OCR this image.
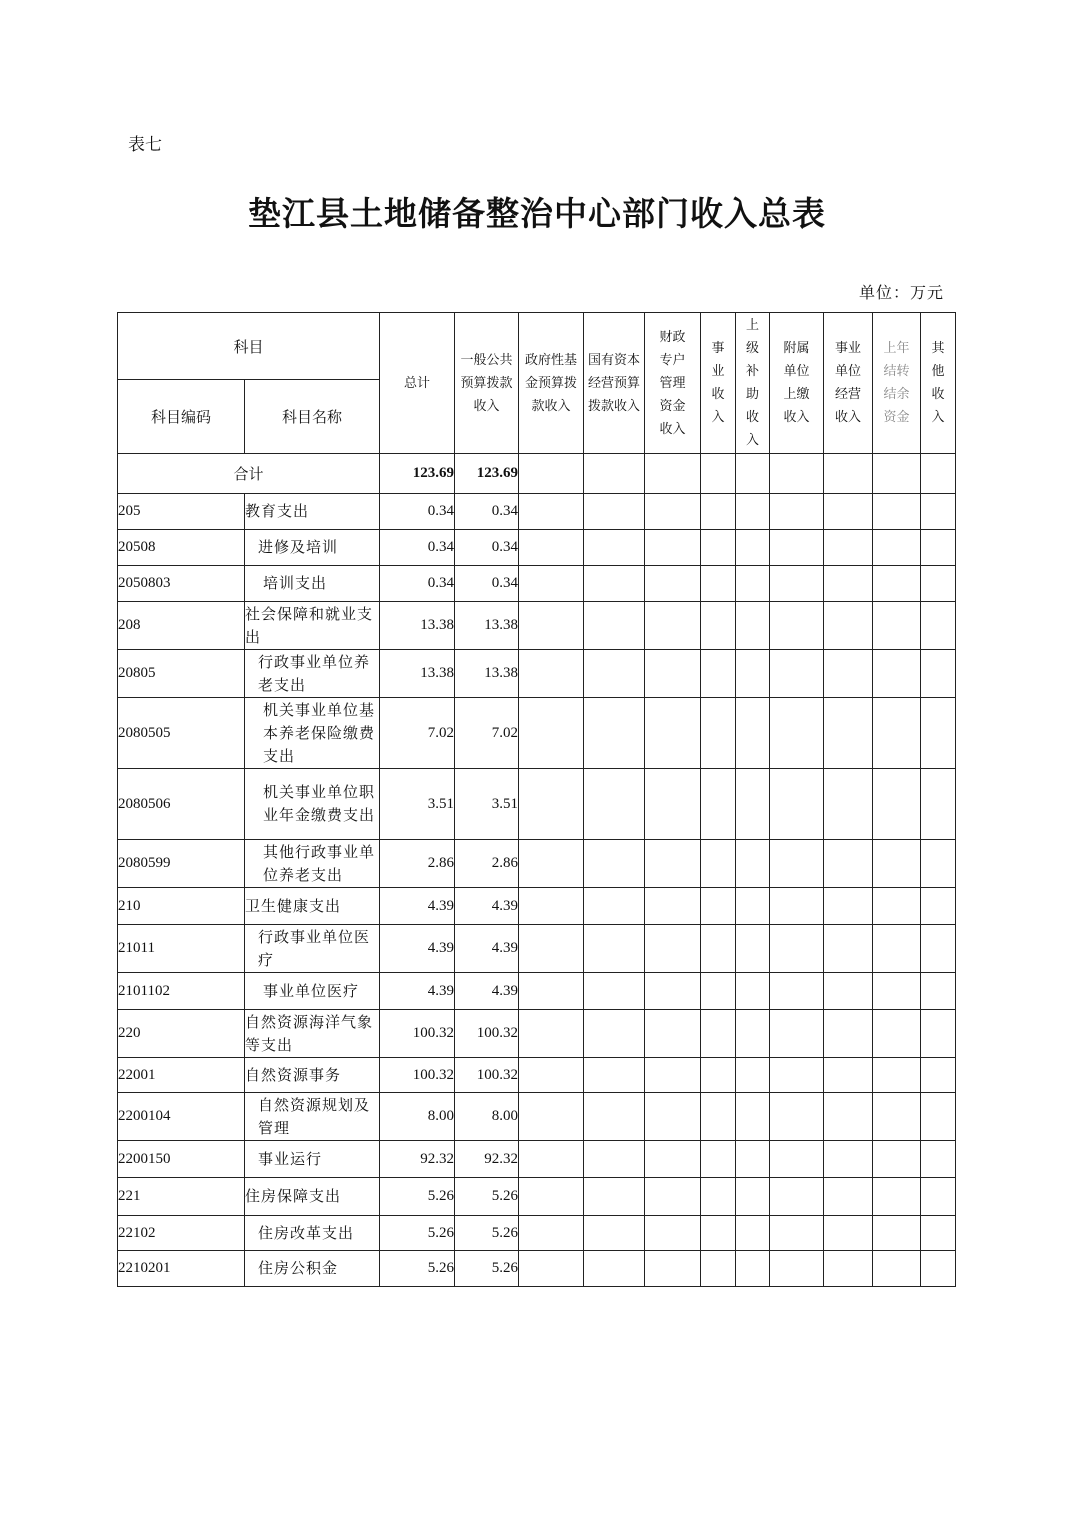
表七
垫江县土地储备整治中心部门收入总表
单位：万元
科目		总计	一般公共预算拨款收入	政府性基金预算拨款收入	国有资本经营预算拨款收入	财政专户管理资金收入	事业收入	上级补助收入	附属单位上缴收入	事业单位经营收入	上年结转结余资金	其他收入

科目编码	科目名称											
合计		123.69	123.69									
205	教育支出	0.34	0.34									
20508	进修及培训	0.34	0.34									
2050803	培训支出	0.34	0.34									
208	社会保障和就业支出	13.38	13.38									
20805	行政事业单位养老支出	13.38	13.38									
2080505	机关事业单位基本养老保险缴费支出	7.02	7.02									
2080506	机关事业单位职业年金缴费支出	3.51	3.51									
2080599	其他行政事业单位养老支出	2.86	2.86									
210	卫生健康支出	4.39	4.39									
21011	行政事业单位医疗	4.39	4.39									
2101102	事业单位医疗	4.39	4.39									
220	自然资源海洋气象等支出	100.32	100.32									
22001	自然资源事务	100.32	100.32									
2200104	自然资源规划及管理	8.00	8.00									
2200150	事业运行	92.32	92.32									
221	住房保障支出	5.26	5.26									
22102	住房改革支出	5.26	5.26									
2210201	住房公积金	5.26	5.26									
